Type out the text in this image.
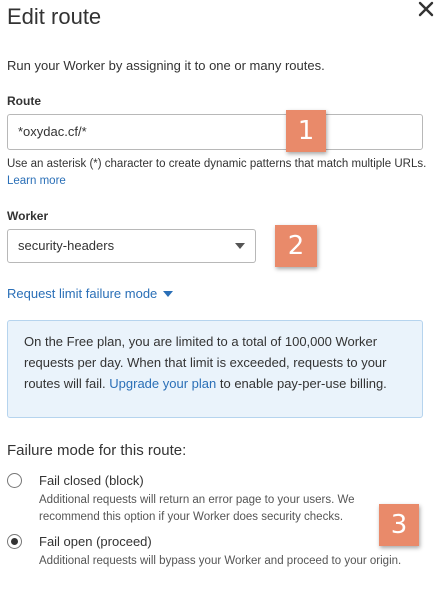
Edit route
Run your Worker by assigning it to one or many routes.
Route
*oxydac.cf/*	1
Use an asterisk (*) character to create dynamic patterns that match multiple URLs. Learn more
Worker
security-headers	2
Request limit failure mode
On the Free plan, you are limited to a total of 100,000 Worker requests per day. When that limit is exceeded, requests to your routes will fail. Upgrade your plan to enable pay-per-use billing.
Failure mode for this route:
Fail closed (block)
Additional requests will return an error page to your users. We recommend this option if your Worker does security checks.	3
Fail open (proceed)
Additional requests will bypass your Worker and proceed to your origin.
